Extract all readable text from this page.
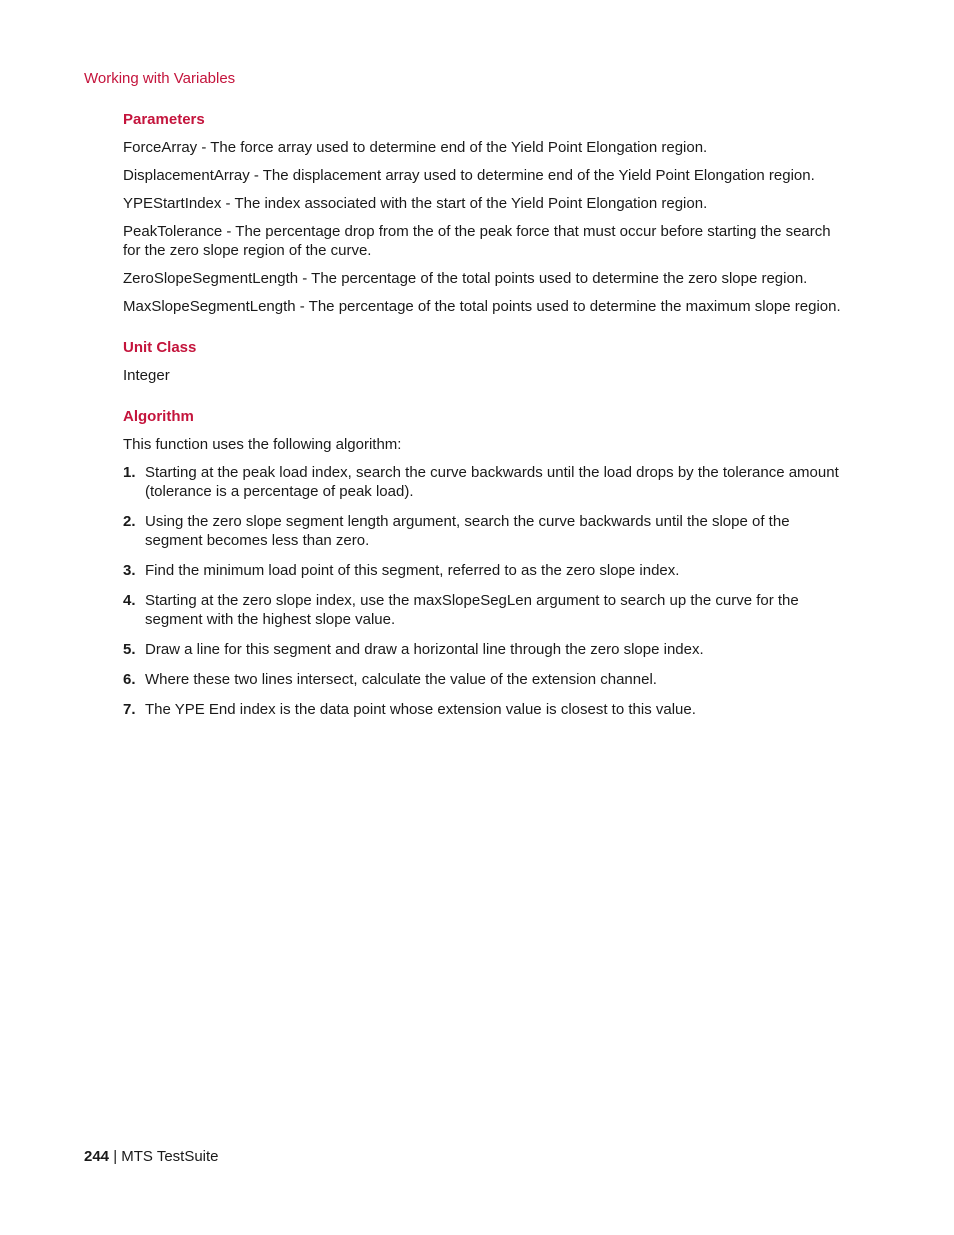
Working with Variables
Parameters
ForceArray - The force array used to determine end of the Yield Point Elongation region.
DisplacementArray - The displacement array used to determine end of the Yield Point Elongation region.
YPEStartIndex - The index associated with the start of the Yield Point Elongation region.
PeakTolerance - The percentage drop from the of the peak force that must occur before starting the search for the zero slope region of the curve.
ZeroSlopeSegmentLength - The percentage of the total points used to determine the zero slope region.
MaxSlopeSegmentLength - The percentage of the total points used to determine the maximum slope region.
Unit Class
Integer
Algorithm
This function uses the following algorithm:
1. Starting at the peak load index, search the curve backwards until the load drops by the tolerance amount (tolerance is a percentage of peak load).
2. Using the zero slope segment length argument, search the curve backwards until the slope of the segment becomes less than zero.
3. Find the minimum load point of this segment, referred to as the zero slope index.
4. Starting at the zero slope index, use the maxSlopeSegLen argument to search up the curve for the segment with the highest slope value.
5. Draw a line for this segment and draw a horizontal line through the zero slope index.
6. Where these two lines intersect, calculate the value of the extension channel.
7. The YPE End index is the data point whose extension value is closest to this value.
244 | MTS TestSuite
